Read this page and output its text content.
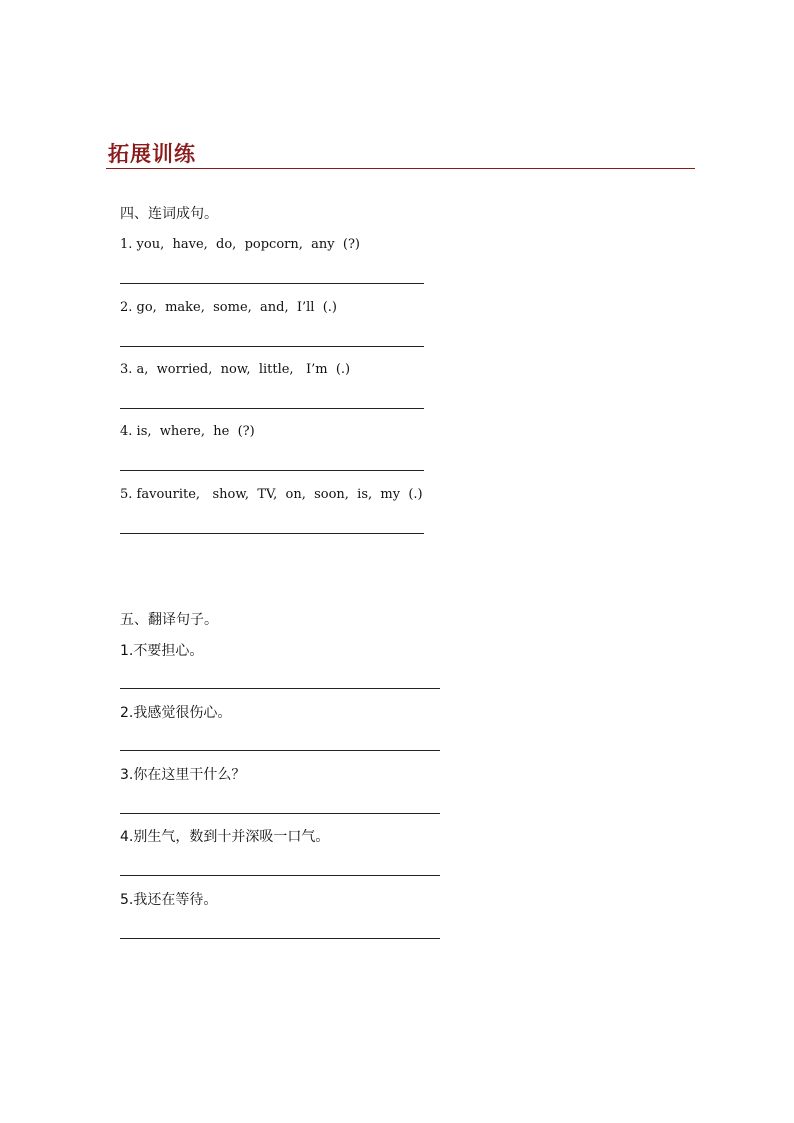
拓展训练
四、连词成句。
1. you,  have,  do,  popcorn,  any  (?)
2. go,  make,  some,  and,  I’ll  (.)
3. a,  worried,  now,  little,   I’m  (.)
4. is,  where,  he  (?)
5. favourite,   show,  TV,  on,  soon,  is,  my  (.)
五、翻译句子。
1.不要担心。
2.我感觉很伤心。
3.你在这里干什么？
4.别生气，数到十并深吸一口气。
5.我还在等待。
